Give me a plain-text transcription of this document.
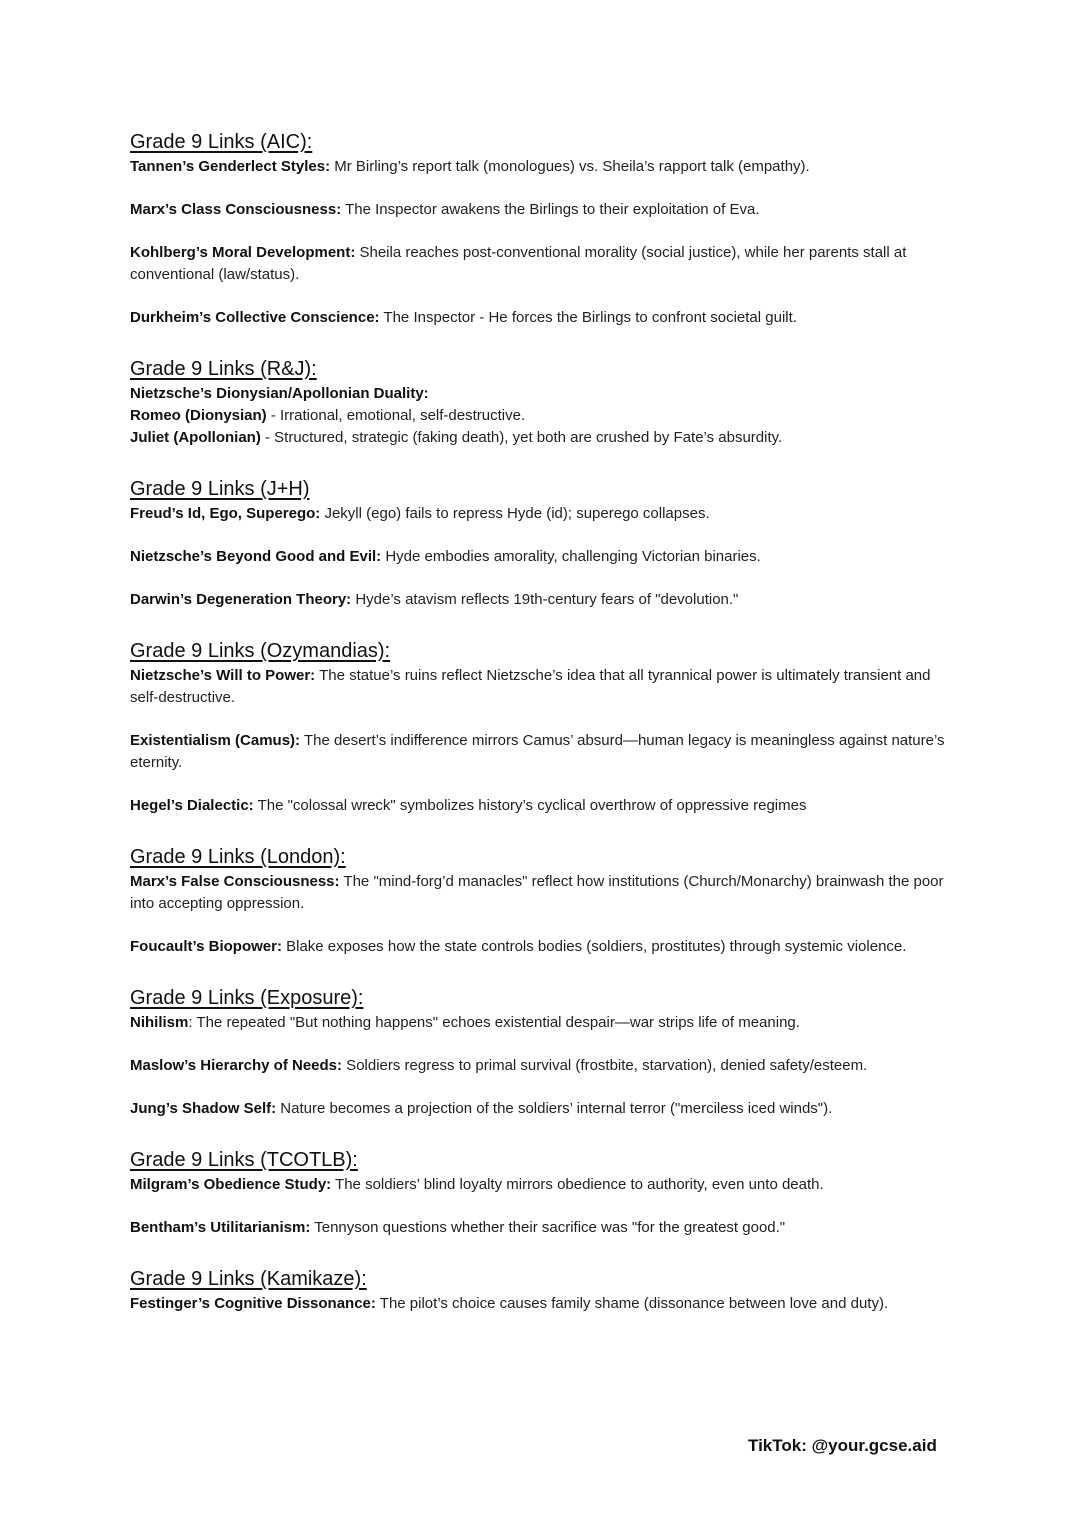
Grade 9 Links (AIC):

Tannen’s Genderlect Styles: Mr Birling’s report talk (monologues) vs. Sheila’s rapport talk (empathy).

Marx’s Class Consciousness: The Inspector awakens the Birlings to their exploitation of Eva.

Kohlberg’s Moral Development: Sheila reaches post-conventional morality (social justice), while her parents stall at conventional (law/status).

Durkheim’s Collective Conscience: The Inspector - He forces the Birlings to confront societal guilt.

Grade 9 Links (R&J):

Nietzsche’s Dionysian/Apollonian Duality:

Romeo (Dionysian) - Irrational, emotional, self-destructive.

Juliet (Apollonian) - Structured, strategic (faking death), yet both are crushed by Fate’s absurdity.

Grade 9 Links (J+H)

Freud’s Id, Ego, Superego: Jekyll (ego) fails to repress Hyde (id); superego collapses.

Nietzsche’s Beyond Good and Evil: Hyde embodies amorality, challenging Victorian binaries.

Darwin’s Degeneration Theory: Hyde’s atavism reflects 19th-century fears of "devolution."

Grade 9 Links (Ozymandias):

Nietzsche’s Will to Power: The statue’s ruins reflect Nietzsche’s idea that all tyrannical power is ultimately transient and self-destructive.

Existentialism (Camus): The desert’s indifference mirrors Camus’ absurd—human legacy is meaningless against nature’s eternity.

Hegel’s Dialectic: The "colossal wreck" symbolizes history’s cyclical overthrow of oppressive regimes

Grade 9 Links (London):

Marx’s False Consciousness: The "mind-forg’d manacles" reflect how institutions (Church/Monarchy) brainwash the poor into accepting oppression.

Foucault’s Biopower: Blake exposes how the state controls bodies (soldiers, prostitutes) through systemic violence.

Grade 9 Links (Exposure):

Nihilism: The repeated "But nothing happens" echoes existential despair—war strips life of meaning.

Maslow’s Hierarchy of Needs: Soldiers regress to primal survival (frostbite, starvation), denied safety/esteem.

Jung’s Shadow Self: Nature becomes a projection of the soldiers’ internal terror ("merciless iced winds").

Grade 9 Links (TCOTLB):

Milgram’s Obedience Study: The soldiers’ blind loyalty mirrors obedience to authority, even unto death.

Bentham’s Utilitarianism: Tennyson questions whether their sacrifice was "for the greatest good."

Grade 9 Links (Kamikaze):

Festinger’s Cognitive Dissonance: The pilot’s choice causes family shame (dissonance between love and duty).

TikTok: @your.gcse.aid
